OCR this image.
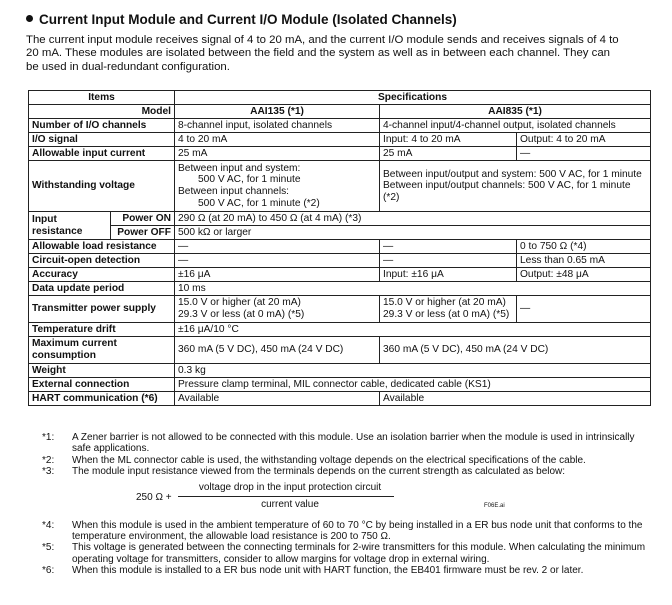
Current Input Module and Current I/O Module (Isolated Channels)

The current input module receives signal of 4 to 20 mA, and the current I/O module sends and receives signals of 4 to

20 mA. These modules are isolated between the field and the system as well as in between each channel. They can

be used in dual-redundant configuration.

Items		Specifications		
Model		AAI135 (*1)	AAI835 (*1)	
Number of I/O channels		8-channel input, isolated channels	4-channel input/4-channel output, isolated channels	
I/O signal		4 to 20 mA	Input: 4 to 20 mA	Output: 4 to 20 mA
Allowable input current		25 mA	25 mA	—
Withstanding voltage		Between input and system:
500 V AC, for 1 minute
Between input channels:
500 V AC, for 1 minute (*2)	Between input/output and system: 500 V AC, for 1 minute
Between input/output channels: 500 V AC, for 1 minute (*2)	

Input
resistance	Power ON	290 Ω (at 20 mA) to 450 Ω (at 4 mA) (*3)		
	Power OFF	500 kΩ or larger		
Allowable load resistance		—	—	0 to 750 Ω (*4)
Circuit-open detection		—	—	Less than 0.65 mA
Accuracy		±16 μA	Input: ±16 μA	Output: ±48 μA
Data update period		10 ms		
Transmitter power supply		15.0 V or higher (at 20 mA)
29.3 V or less (at 0 mA) (*5)	15.0 V or higher (at 20 mA)
29.3 V or less (at 0 mA) (*5)	—
Temperature drift		±16 μA/10 °C		

Maximum current
consumption		360 mA (5 V DC), 450 mA (24 V DC)	360 mA (5 V DC), 450 mA (24 V DC)	
Weight		0.3 kg		
External connection		Pressure clamp terminal, MIL connector cable, dedicated cable (KS1)		
HART communication (*6)		Available	Available	
*1:	A Zener barrier is not allowed to be connected with this module. Use an isolation barrier when the module is used in intrinsically safe applications.
*2:	When the ML connector cable is used, the withstanding voltage depends on the electrical specifications of the cable.
*3:	The module input resistance viewed from the terminals depends on the current strength as calculated as below:
250 Ω +
voltage drop in the input protection circuit
current value	F06E.ai
*4:	When this module is used in the ambient temperature of 60 to 70 °C by being installed in a ER bus node unit that conforms to the temperature environment, the allowable load resistance is 200 to 750 Ω.
*5:	This voltage is generated between the connecting terminals for 2-wire transmitters for this module. When calculating the minimum operating voltage for transmitters, consider to allow margins for voltage drop in external wiring.
*6:	When this module is installed to a ER bus node unit with HART function, the EB401 firmware must be rev. 2 or later.
